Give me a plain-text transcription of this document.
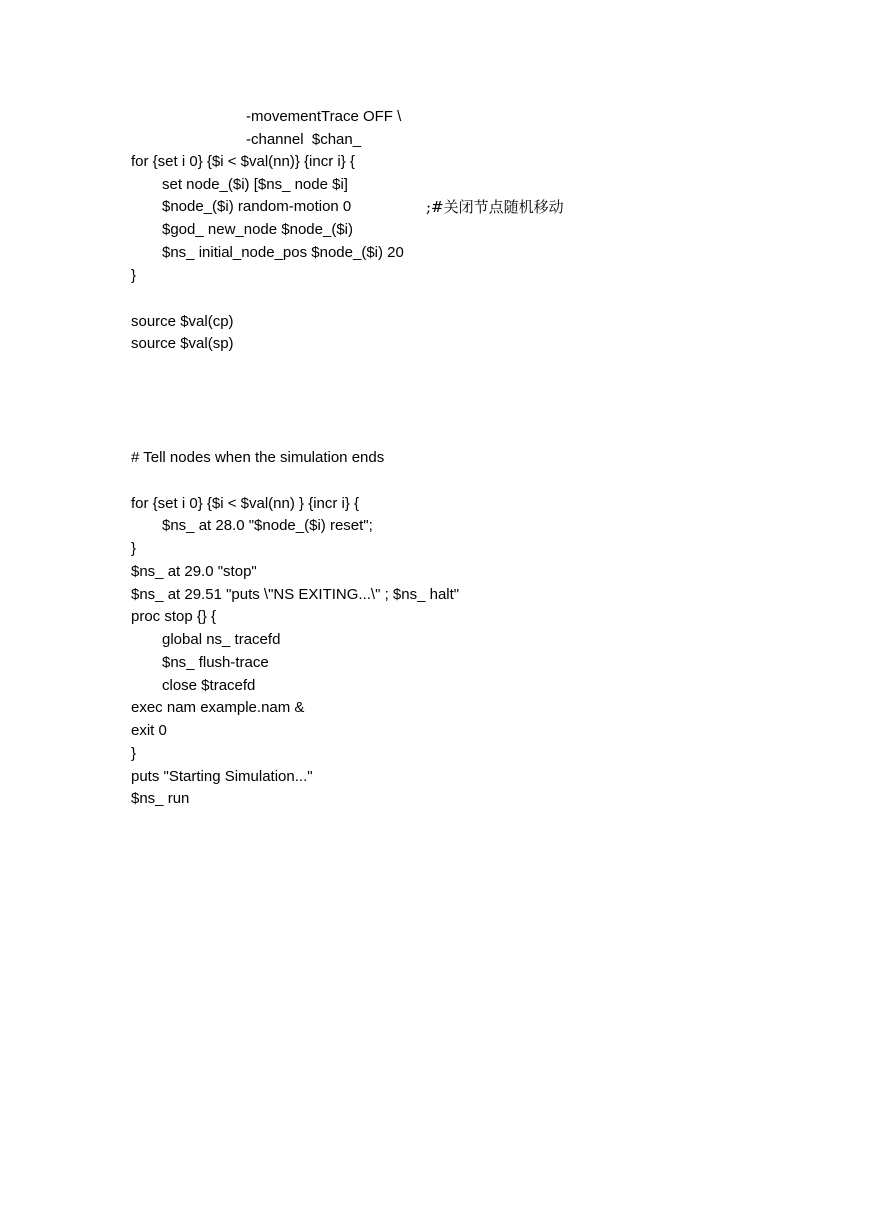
-movementTrace OFF \
-channel  $chan_
for {set i 0} {$i < $val(nn)} {incr i} {
set node_($i) [$ns_ node $i]
$node_($i) random-motion 0	;#关闭节点随机移动
$god_ new_node $node_($i)
$ns_ initial_node_pos $node_($i) 20
}
source $val(cp)
source $val(sp)
# Tell nodes when the simulation ends
for {set i 0} {$i < $val(nn) } {incr i} {
$ns_ at 28.0 "$node_($i) reset";
}
$ns_ at 29.0 "stop"
$ns_ at 29.51 "puts \"NS EXITING...\" ; $ns_ halt"
proc stop {} {
global ns_ tracefd
$ns_ flush-trace
close $tracefd
exec nam example.nam &
exit 0
}
puts "Starting Simulation..."
$ns_ run
